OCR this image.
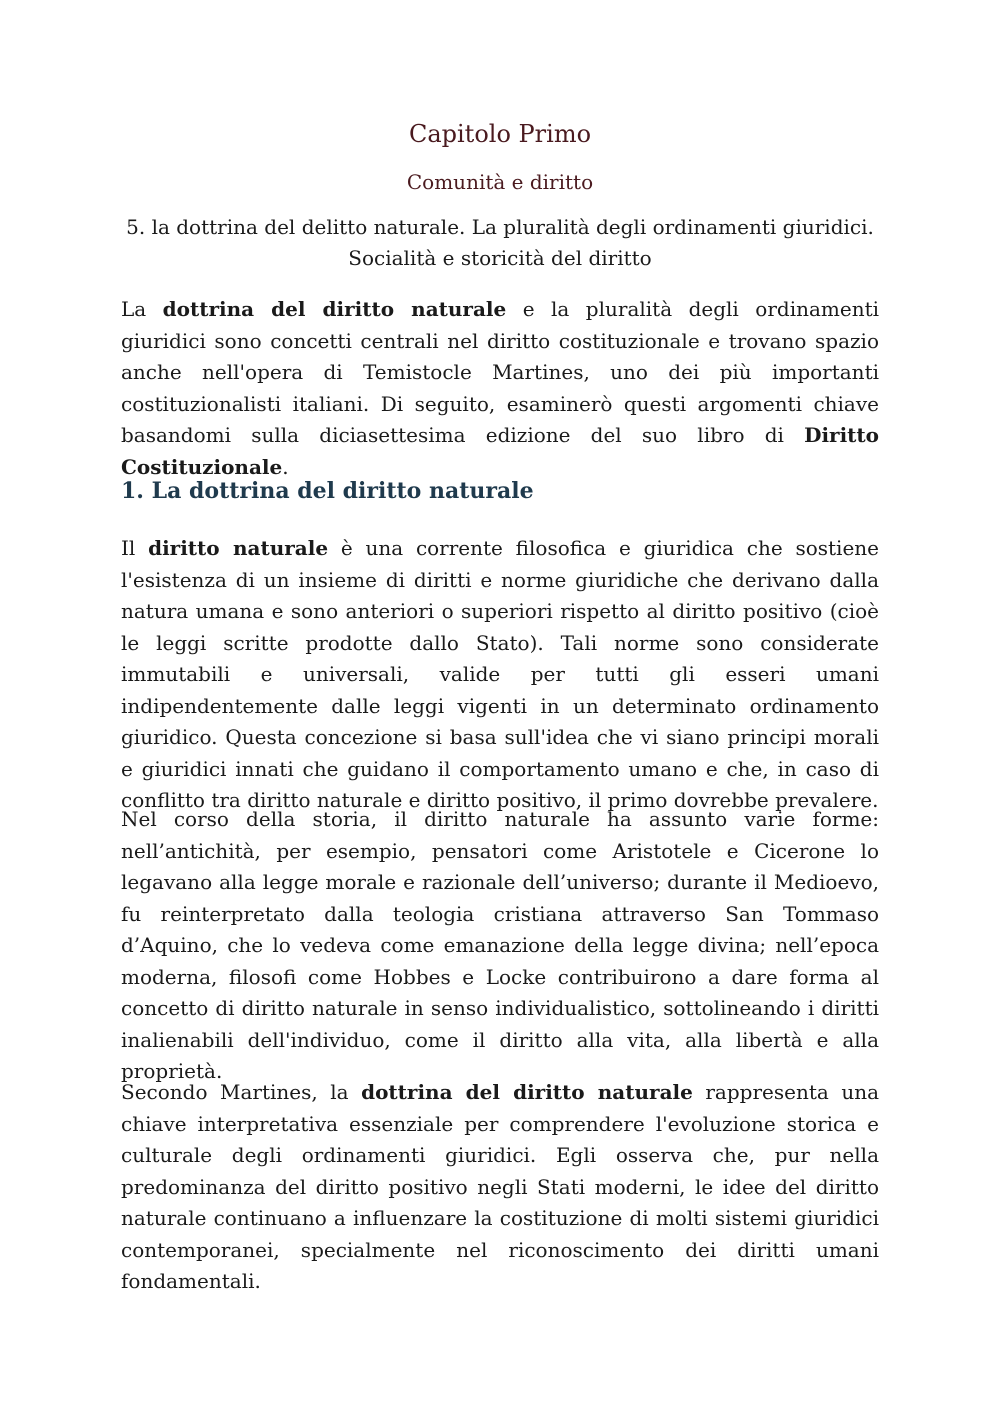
Capitolo Primo
Comunità e diritto
5. la dottrina del delitto naturale. La pluralità degli ordinamenti giuridici.
Socialità e storicità del diritto

La dottrina del diritto naturale e la pluralità degli ordinamenti giuridici sono concetti centrali nel diritto costituzionale e trovano spazio anche nell'opera di Temistocle Martines, uno dei più importanti costituzionalisti italiani. Di seguito, esaminerò questi argomenti chiave basandomi sulla diciasettesima edizione del suo libro di Diritto Costituzionale.

1. La dottrina del diritto naturale

Il diritto naturale è una corrente filosofica e giuridica che sostiene l'esistenza di un insieme di diritti e norme giuridiche che derivano dalla natura umana e sono anteriori o superiori rispetto al diritto positivo (cioè le leggi scritte prodotte dallo Stato). Tali norme sono considerate immutabili e universali, valide per tutti gli esseri umani indipendentemente dalle leggi vigenti in un determinato ordinamento giuridico. Questa concezione si basa sull'idea che vi siano principi morali e giuridici innati che guidano il comportamento umano e che, in caso di conflitto tra diritto naturale e diritto positivo, il primo dovrebbe prevalere.

Nel corso della storia, il diritto naturale ha assunto varie forme: nell’antichità, per esempio, pensatori come Aristotele e Cicerone lo legavano alla legge morale e razionale dell’universo; durante il Medioevo, fu reinterpretato dalla teologia cristiana attraverso San Tommaso d’Aquino, che lo vedeva come emanazione della legge divina; nell’epoca moderna, filosofi come Hobbes e Locke contribuirono a dare forma al concetto di diritto naturale in senso individualistico, sottolineando i diritti inalienabili dell'individuo, come il diritto alla vita, alla libertà e alla proprietà.

Secondo Martines, la dottrina del diritto naturale rappresenta una chiave interpretativa essenziale per comprendere l'evoluzione storica e culturale degli ordinamenti giuridici. Egli osserva che, pur nella predominanza del diritto positivo negli Stati moderni, le idee del diritto naturale continuano a influenzare la costituzione di molti sistemi giuridici contemporanei, specialmente nel riconoscimento dei diritti umani fondamentali.
